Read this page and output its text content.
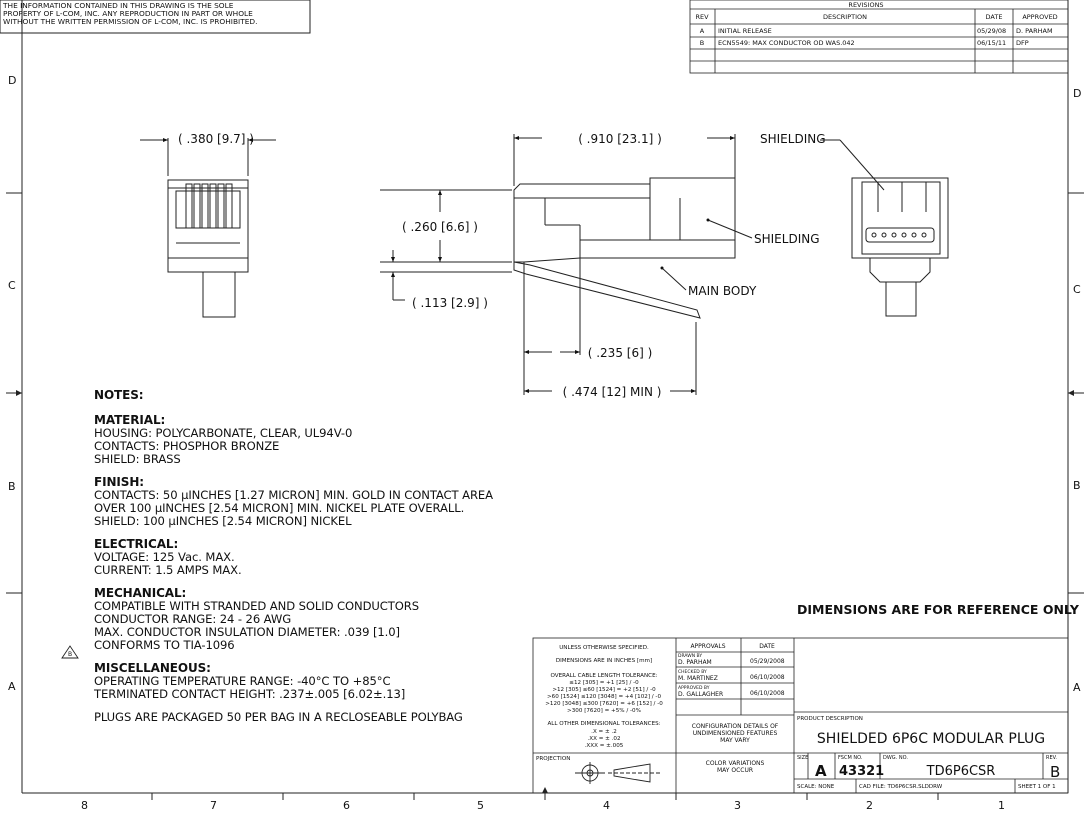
D
C
B
A
D
C
B
A
8	7	6	5	4	3	2	1
THE INFORMATION CONTAINED IN THIS DRAWING IS THE SOLE
PROPERTY OF L-COM, INC. ANY REPRODUCTION IN PART OR WHOLE
WITHOUT THE WRITTEN PERMISSION OF L-COM, INC. IS PROHIBITED.
REVISIONS
REV	DESCRIPTION	DATE	APPROVED
A INITIAL RELEASE	05/29/08 D. PARHAM
B ECN5549: MAX CONDUCTOR OD WAS.042	06/15/11 DFP
( .380 [9.7] )	( .910 [23.1] )
( .260 [6.6] )
( .113 [2.9] )
( .235 [6] )
( .474 [12] MIN )
SHIELDING
MAIN BODY
SHIELDING
UNLESS OTHERWISE SPECIFIED.
DIMENSIONS ARE IN INCHES [mm]
OVERALL CABLE LENGTH TOLERANCE:
≤12 [305] = +1 [25] / -0
>12 [305] ≤60 [1524] = +2 [51] / -0
>60 [1524] ≤120 [3048] = +4 [102] / -0
>120 [3048] ≤300 [7620] = +6 [152] / -0
>300 [7620] = +5% / -0%
ALL OTHER DIMENSIONAL TOLERANCES:
.X = ± .2
.XX = ± .02
.XXX = ±.005
PROJECTION
APPROVALS	DATE
DRAWN BY
D. PARHAM	05/29/2008
CHECKED BY
M. MARTINEZ	06/10/2008
APPROVED BY
D. GALLAGHER	06/10/2008
CONFIGURATION DETAILS OF
UNDIMENSIONED FEATURES
MAY VARY
COLOR VARIATIONS
MAY OCCUR
PRODUCT DESCRIPTION
SIZE	FSCM NO.	DWG. NO.	REV.
SCALE: NONE	CAD FILE: TD6P6CSR.SLDDRW	SHEET 1 OF 1
SHIELDED 6P6C MODULAR PLUG
A 43321	TD6P6CSR	B
B
NOTES:
MATERIAL:
HOUSING: POLYCARBONATE, CLEAR, UL94V-0
CONTACTS: PHOSPHOR BRONZE
SHIELD: BRASS
FINISH:
CONTACTS: 50 µINCHES [1.27 MICRON] MIN. GOLD IN CONTACT AREA
OVER 100 µINCHES [2.54 MICRON] MIN. NICKEL PLATE OVERALL.
SHIELD: 100 µINCHES [2.54 MICRON] NICKEL
ELECTRICAL:
VOLTAGE: 125 Vac. MAX.
CURRENT: 1.5 AMPS MAX.
MECHANICAL:
COMPATIBLE WITH STRANDED AND SOLID CONDUCTORS
CONDUCTOR RANGE: 24 - 26 AWG
MAX. CONDUCTOR INSULATION DIAMETER: .039 [1.0]
CONFORMS TO TIA-1096
MISCELLANEOUS:
OPERATING TEMPERATURE RANGE: -40°C TO +85°C
TERMINATED CONTACT HEIGHT: .237±.005 [6.02±.13]
PLUGS ARE PACKAGED 50 PER BAG IN A RECLOSEABLE POLYBAG
DIMENSIONS ARE FOR REFERENCE ONLY
